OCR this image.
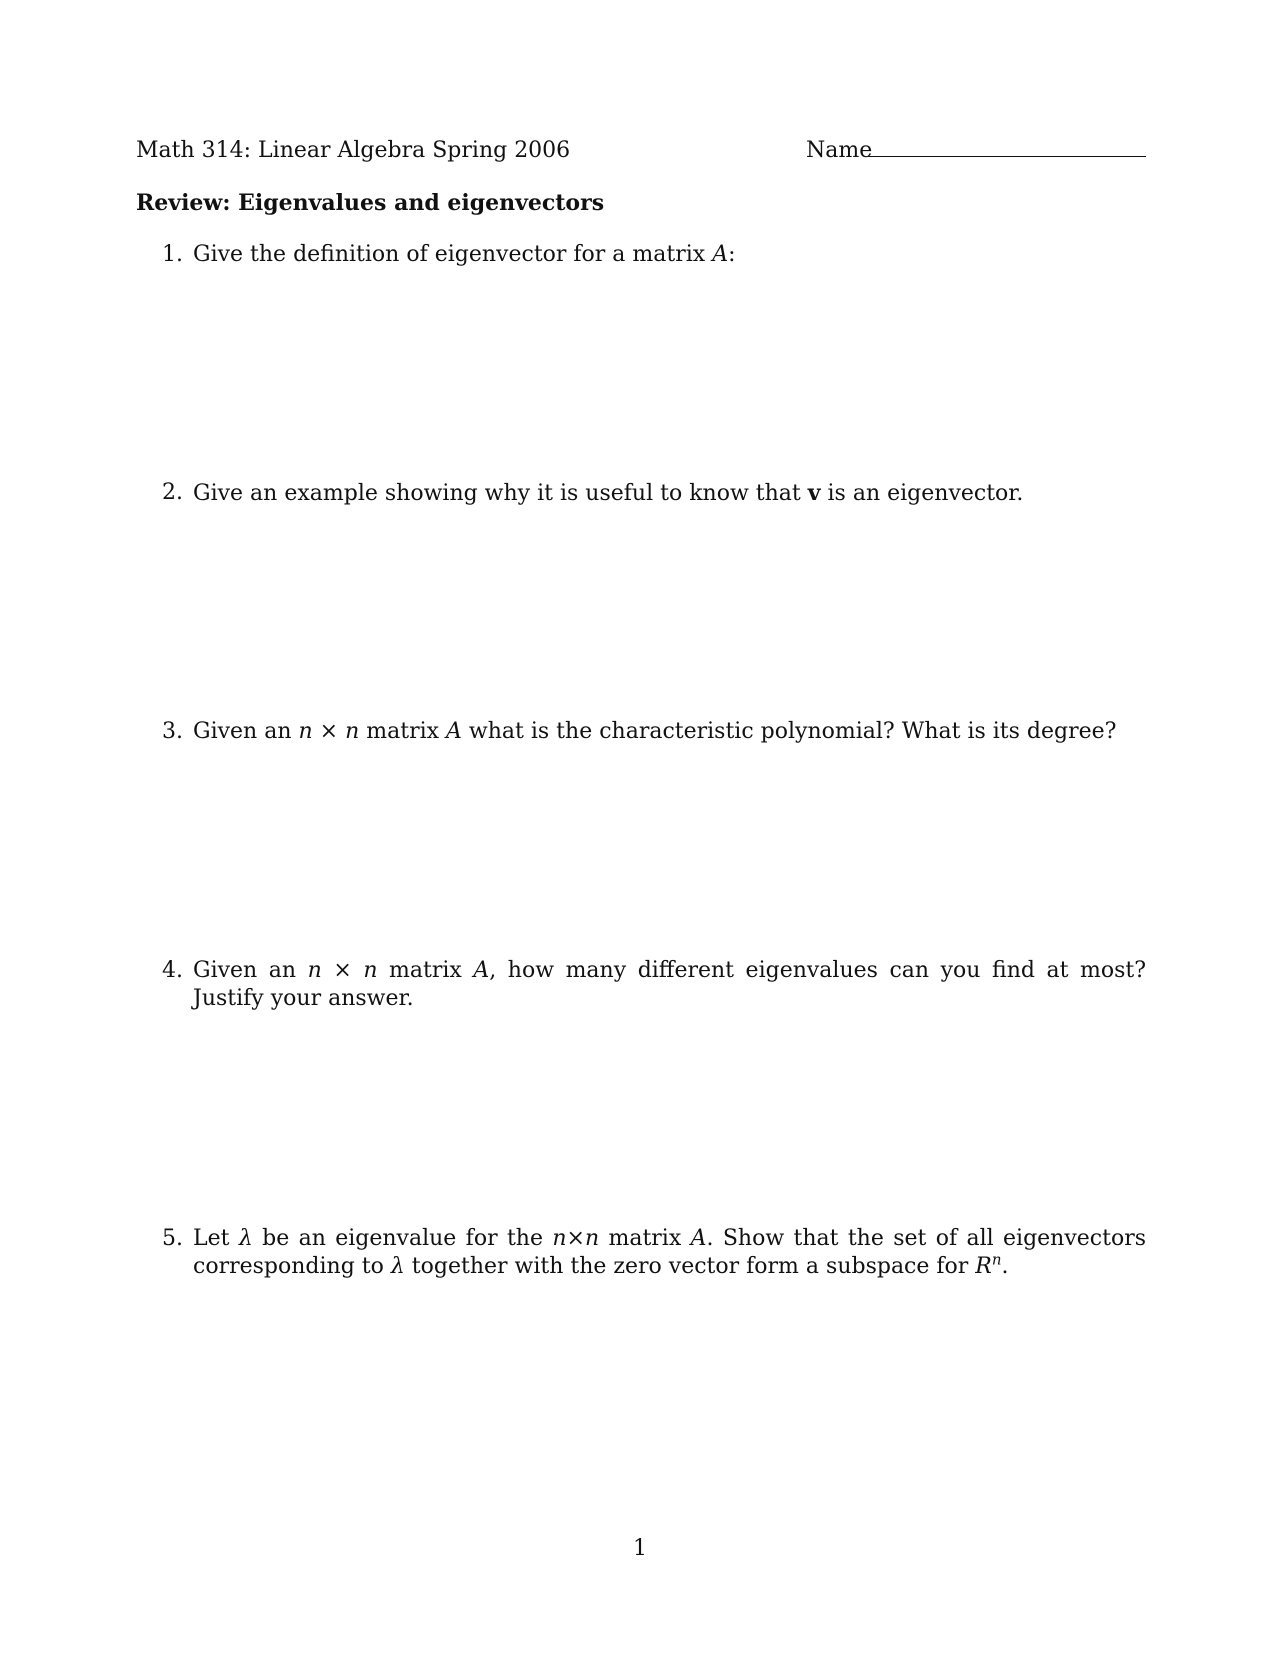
Math 314: Linear Algebra Spring 2006	Name
Review: Eigenvalues and eigenvectors
1. Give the definition of eigenvector for a matrix A:
2. Give an example showing why it is useful to know that v is an eigenvector.
3. Given an n × n matrix A what is the characteristic polynomial? What is its degree?
4. Given an n × n matrix A, how many different eigenvalues can you find at most? Justify your answer.
5. Let λ be an eigenvalue for the n×n matrix A. Show that the set of all eigenvectors corresponding to λ together with the zero vector form a subspace for $R^n$.
1
